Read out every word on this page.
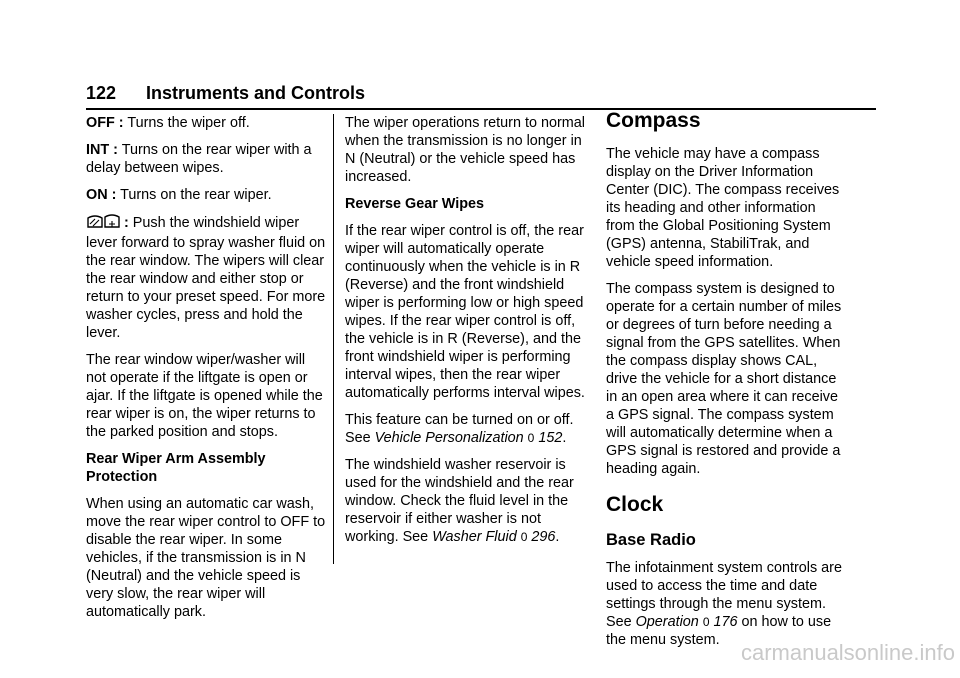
122 Instruments and Controls

OFF : Turns the wiper off.

INT : Turns on the rear wiper with a delay between wipes.

ON : Turns on the rear wiper.

: Push the windshield wiper lever forward to spray washer fluid on the rear window. The wipers will clear the rear window and either stop or return to your preset speed. For more washer cycles, press and hold the lever.

The rear window wiper/washer will not operate if the liftgate is open or ajar. If the liftgate is opened while the rear wiper is on, the wiper returns to the parked position and stops.

Rear Wiper Arm Assembly Protection

When using an automatic car wash, move the rear wiper control to OFF to disable the rear wiper. In some vehicles, if the transmission is in N (Neutral) and the vehicle speed is very slow, the rear wiper will automatically park.

The wiper operations return to normal when the transmission is no longer in N (Neutral) or the vehicle speed has increased.

Reverse Gear Wipes

If the rear wiper control is off, the rear wiper will automatically operate continuously when the vehicle is in R (Reverse) and the front windshield wiper is performing low or high speed wipes. If the rear wiper control is off, the vehicle is in R (Reverse), and the front windshield wiper is performing interval wipes, then the rear wiper automatically performs interval wipes.

This feature can be turned on or off. See Vehicle Personalization 0 152.

The windshield washer reservoir is used for the windshield and the rear window. Check the fluid level in the reservoir if either washer is not working. See Washer Fluid 0 296.

Compass

The vehicle may have a compass display on the Driver Information Center (DIC). The compass receives its heading and other information from the Global Positioning System (GPS) antenna, StabiliTrak, and vehicle speed information.

The compass system is designed to operate for a certain number of miles or degrees of turn before needing a signal from the GPS satellites. When the compass display shows CAL, drive the vehicle for a short distance in an open area where it can receive a GPS signal. The compass system will automatically determine when a GPS signal is restored and provide a heading again.

Clock
Base Radio

The infotainment system controls are used to access the time and date settings through the menu system. See Operation 0 176 on how to use the menu system. carmanualsonline.info
